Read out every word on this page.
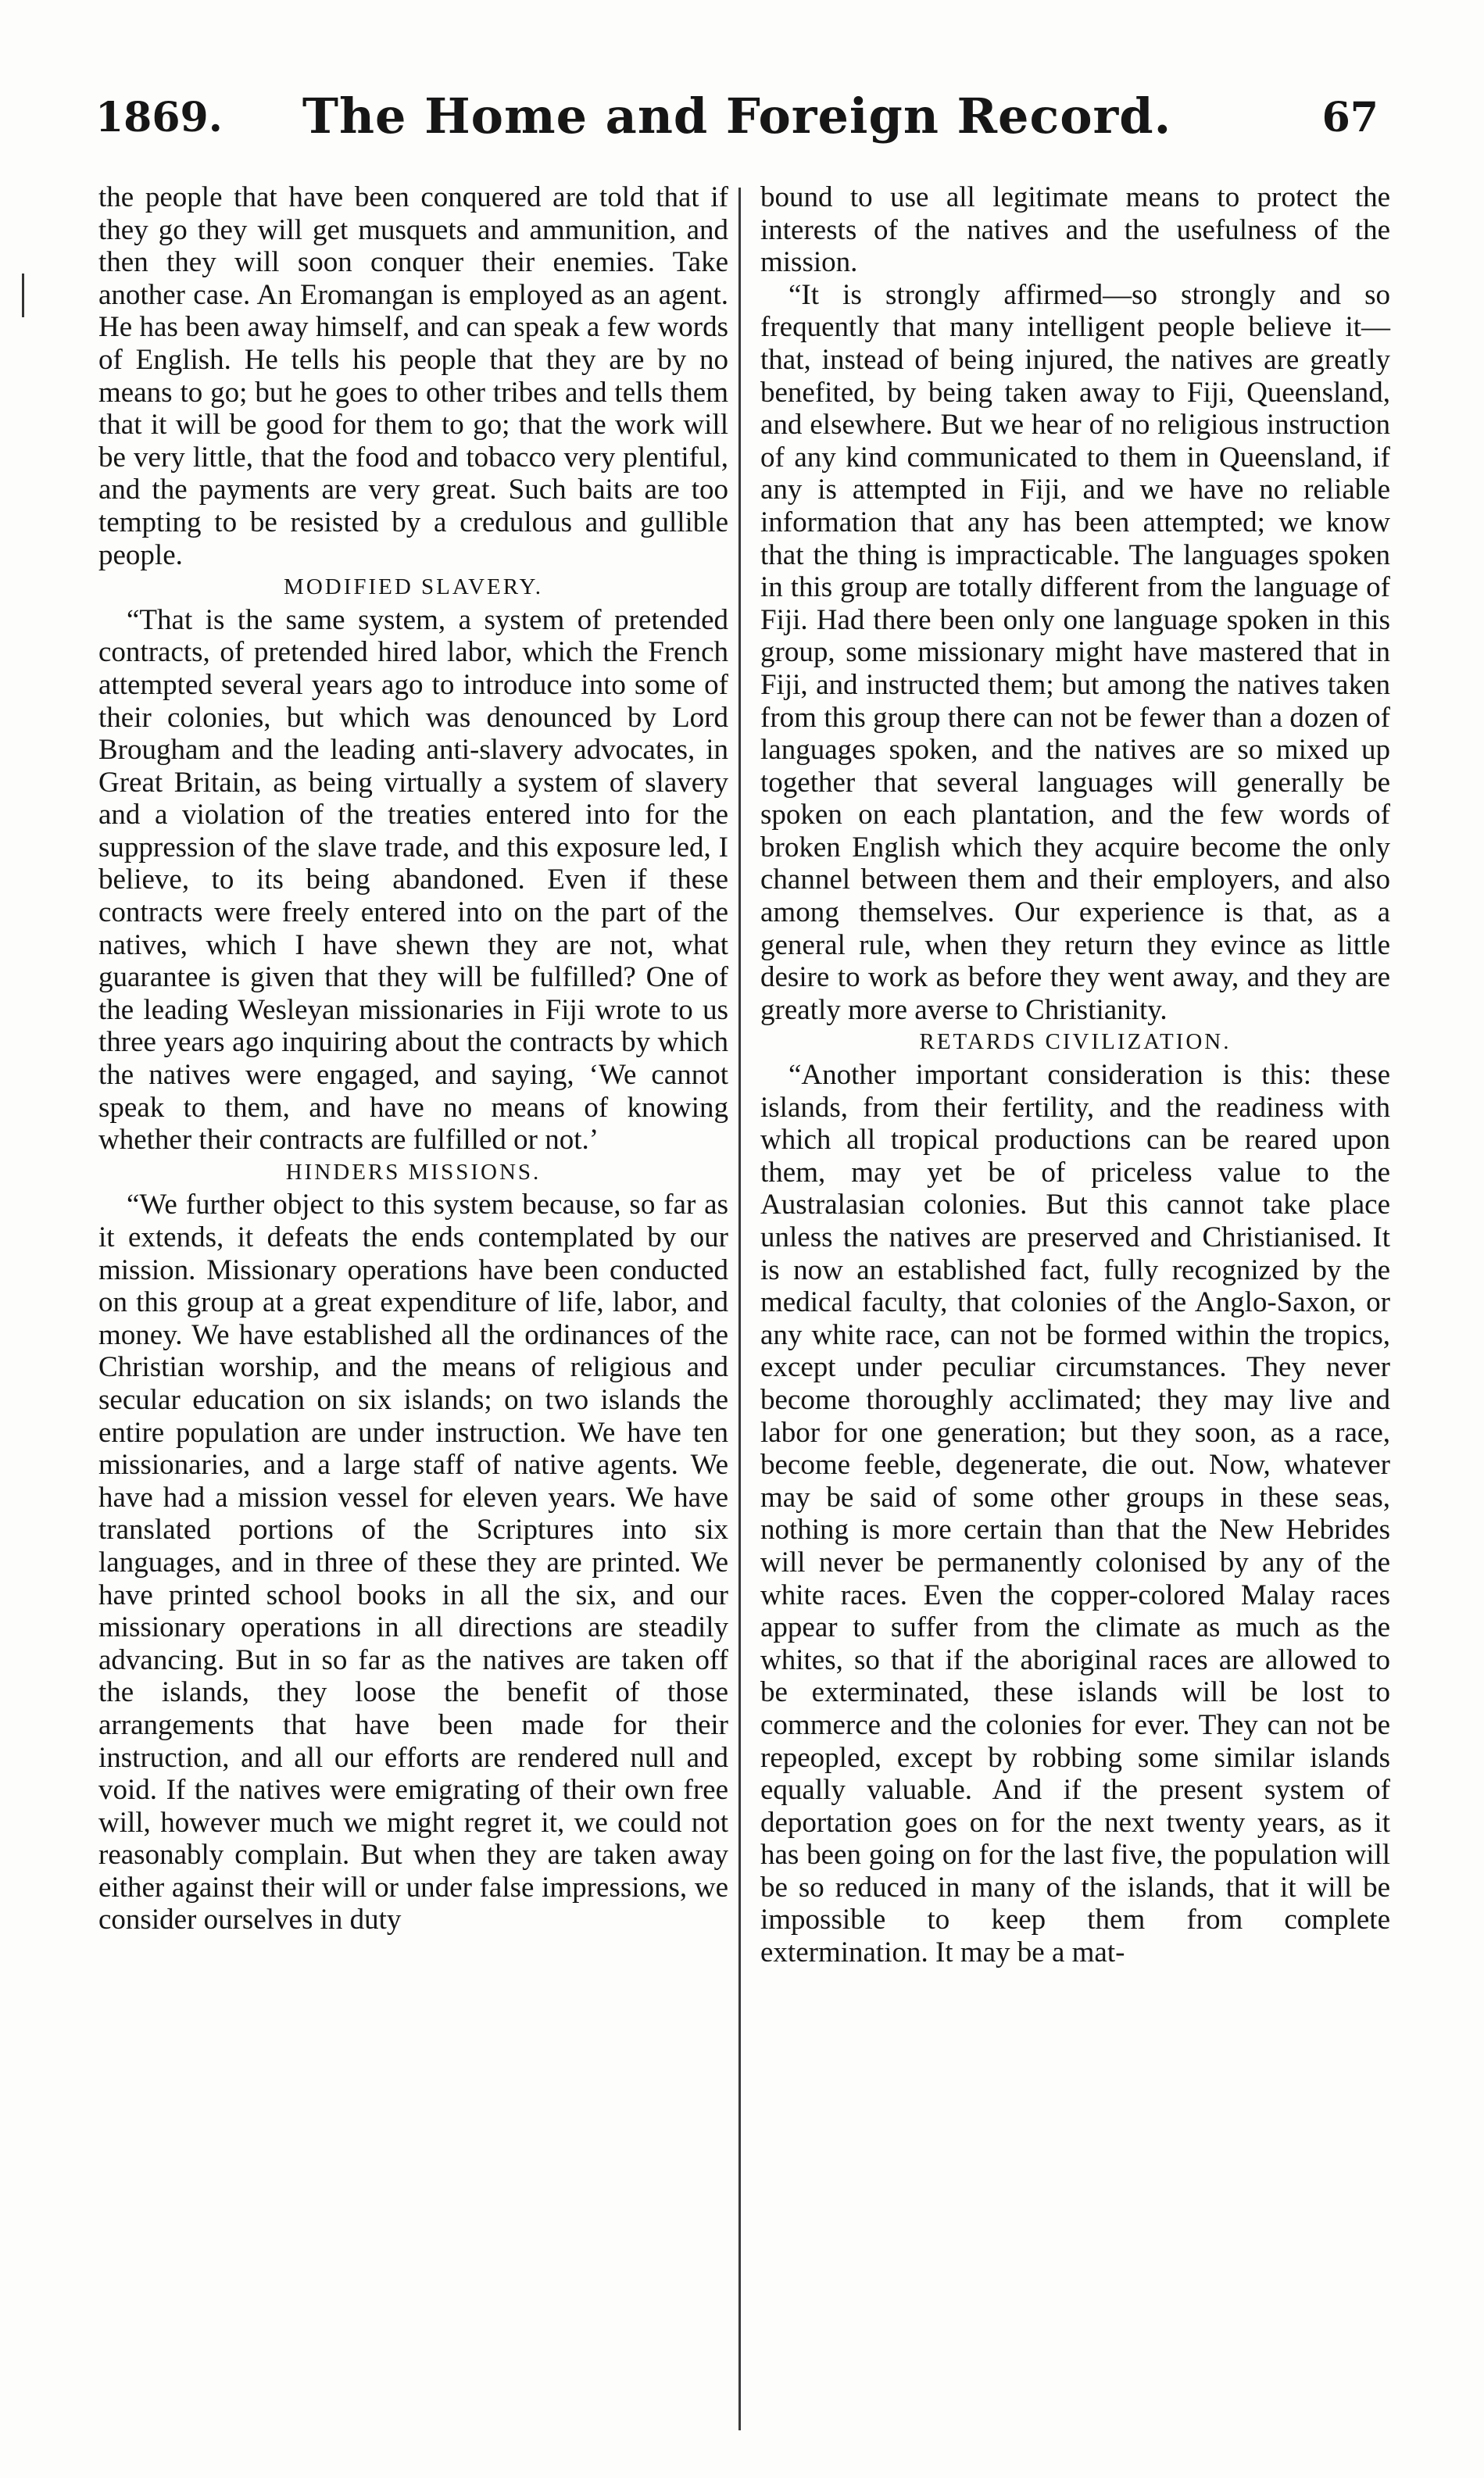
1869.	The Home and Foreign Record.	67

the people that have been conquered are told that if they go they will get musquets and ammunition, and then they will soon conquer their enemies. Take another case. An Eromangan is employed as an agent. He has been away himself, and can speak a few words of English. He tells his people that they are by no means to go; but he goes to other tribes and tells them that it will be good for them to go; that the work will be very little, that the food and tobacco very plentiful, and the payments are very great. Such baits are too tempting to be resisted by a credulous and gullible people.

MODIFIED SLAVERY.

“That is the same system, a system of pretended contracts, of pretended hired labor, which the French attempted several years ago to introduce into some of their colonies, but which was denounced by Lord Brougham and the leading anti-slavery advocates, in Great Britain, as being virtually a system of slavery and a violation of the treaties entered into for the suppression of the slave trade, and this exposure led, I believe, to its being abandoned. Even if these contracts were freely entered into on the part of the natives, which I have shewn they are not, what guarantee is given that they will be fulfilled? One of the leading Wesleyan missionaries in Fiji wrote to us three years ago inquiring about the contracts by which the natives were engaged, and saying, ‘We cannot speak to them, and have no means of knowing whether their contracts are fulfilled or not.’

HINDERS MISSIONS.

“We further object to this system because, so far as it extends, it defeats the ends contemplated by our mission. Missionary operations have been conducted on this group at a great expenditure of life, labor, and money. We have established all the ordinances of the Christian worship, and the means of religious and secular education on six islands; on two islands the entire population are under instruction. We have ten missionaries, and a large staff of native agents. We have had a mission vessel for eleven years. We have translated portions of the Scriptures into six languages, and in three of these they are printed. We have printed school books in all the six, and our missionary operations in all directions are steadily advancing. But in so far as the natives are taken off the islands, they loose the benefit of those arrangements that have been made for their instruction, and all our efforts are rendered null and void. If the natives were emigrating of their own free will, however much we might regret it, we could not reasonably complain. But when they are taken away either against their will or under false impressions, we consider ourselves in duty

bound to use all legitimate means to protect the interests of the natives and the usefulness of the mission.

“It is strongly affirmed—so strongly and so frequently that many intelligent people believe it—that, instead of being injured, the natives are greatly benefited, by being taken away to Fiji, Queensland, and elsewhere. But we hear of no religious instruction of any kind communicated to them in Queensland, if any is attempted in Fiji, and we have no reliable information that any has been attempted; we know that the thing is impracticable. The languages spoken in this group are totally different from the language of Fiji. Had there been only one language spoken in this group, some missionary might have mastered that in Fiji, and instructed them; but among the natives taken from this group there can not be fewer than a dozen of languages spoken, and the natives are so mixed up together that several languages will generally be spoken on each plantation, and the few words of broken English which they acquire become the only channel between them and their employers, and also among themselves. Our experience is that, as a general rule, when they return they evince as little desire to work as before they went away, and they are greatly more averse to Christianity.

RETARDS CIVILIZATION.

“Another important consideration is this: these islands, from their fertility, and the readiness with which all tropical productions can be reared upon them, may yet be of priceless value to the Australasian colonies. But this cannot take place unless the natives are preserved and Christianised. It is now an established fact, fully recognized by the medical faculty, that colonies of the Anglo-Saxon, or any white race, can not be formed within the tropics, except under peculiar circumstances. They never become thoroughly acclimated; they may live and labor for one generation; but they soon, as a race, become feeble, degenerate, die out. Now, whatever may be said of some other groups in these seas, nothing is more certain than that the New Hebrides will never be permanently colonised by any of the white races. Even the copper-colored Malay races appear to suffer from the climate as much as the whites, so that if the aboriginal races are allowed to be exterminated, these islands will be lost to commerce and the colonies for ever. They can not be repeopled, except by robbing some similar islands equally valuable. And if the present system of deportation goes on for the next twenty years, as it has been going on for the last five, the population will be so reduced in many of the islands, that it will be impossible to keep them from complete extermination. It may be a mat-
